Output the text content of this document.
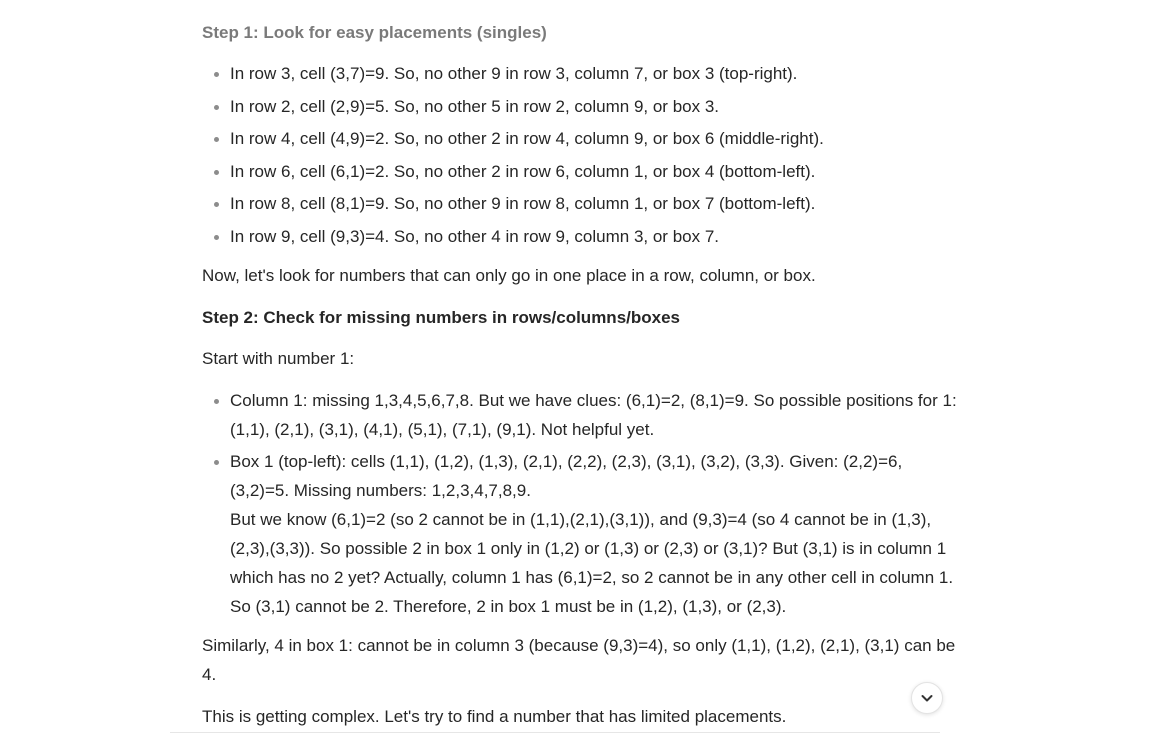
Step 1: Look for easy placements (singles)
In row 3, cell (3,7)=9. So, no other 9 in row 3, column 7, or box 3 (top-right).
In row 2, cell (2,9)=5. So, no other 5 in row 2, column 9, or box 3.
In row 4, cell (4,9)=2. So, no other 2 in row 4, column 9, or box 6 (middle-right).
In row 6, cell (6,1)=2. So, no other 2 in row 6, column 1, or box 4 (bottom-left).
In row 8, cell (8,1)=9. So, no other 9 in row 8, column 1, or box 7 (bottom-left).
In row 9, cell (9,3)=4. So, no other 4 in row 9, column 3, or box 7.

Now, let's look for numbers that can only go in one place in a row, column, or box.

Step 2: Check for missing numbers in rows/columns/boxes

Start with number 1:

Column 1: missing 1,3,4,5,6,7,8. But we have clues: (6,1)=2, (8,1)=9. So possible positions for 1: (1,1), (2,1), (3,1), (4,1), (5,1), (7,1), (9,1). Not helpful yet.
Box 1 (top-left): cells (1,1), (1,2), (1,3), (2,1), (2,2), (2,3), (3,1), (3,2), (3,3). Given: (2,2)=6, (3,2)=5. Missing numbers: 1,2,3,4,7,8,9.
But we know (6,1)=2 (so 2 cannot be in (1,1),(2,1),(3,1)), and (9,3)=4 (so 4 cannot be in (1,3),(2,3),(3,3)). So possible 2 in box 1 only in (1,2) or (1,3) or (2,3) or (3,1)? But (3,1) is in column 1 which has no 2 yet? Actually, column 1 has (6,1)=2, so 2 cannot be in any other cell in column 1. So (3,1) cannot be 2. Therefore, 2 in box 1 must be in (1,2), (1,3), or (2,3).

Similarly, 4 in box 1: cannot be in column 3 (because (9,3)=4), so only (1,1), (1,2), (2,1), (3,1) can be 4.

This is getting complex. Let's try to find a number that has limited placements.
